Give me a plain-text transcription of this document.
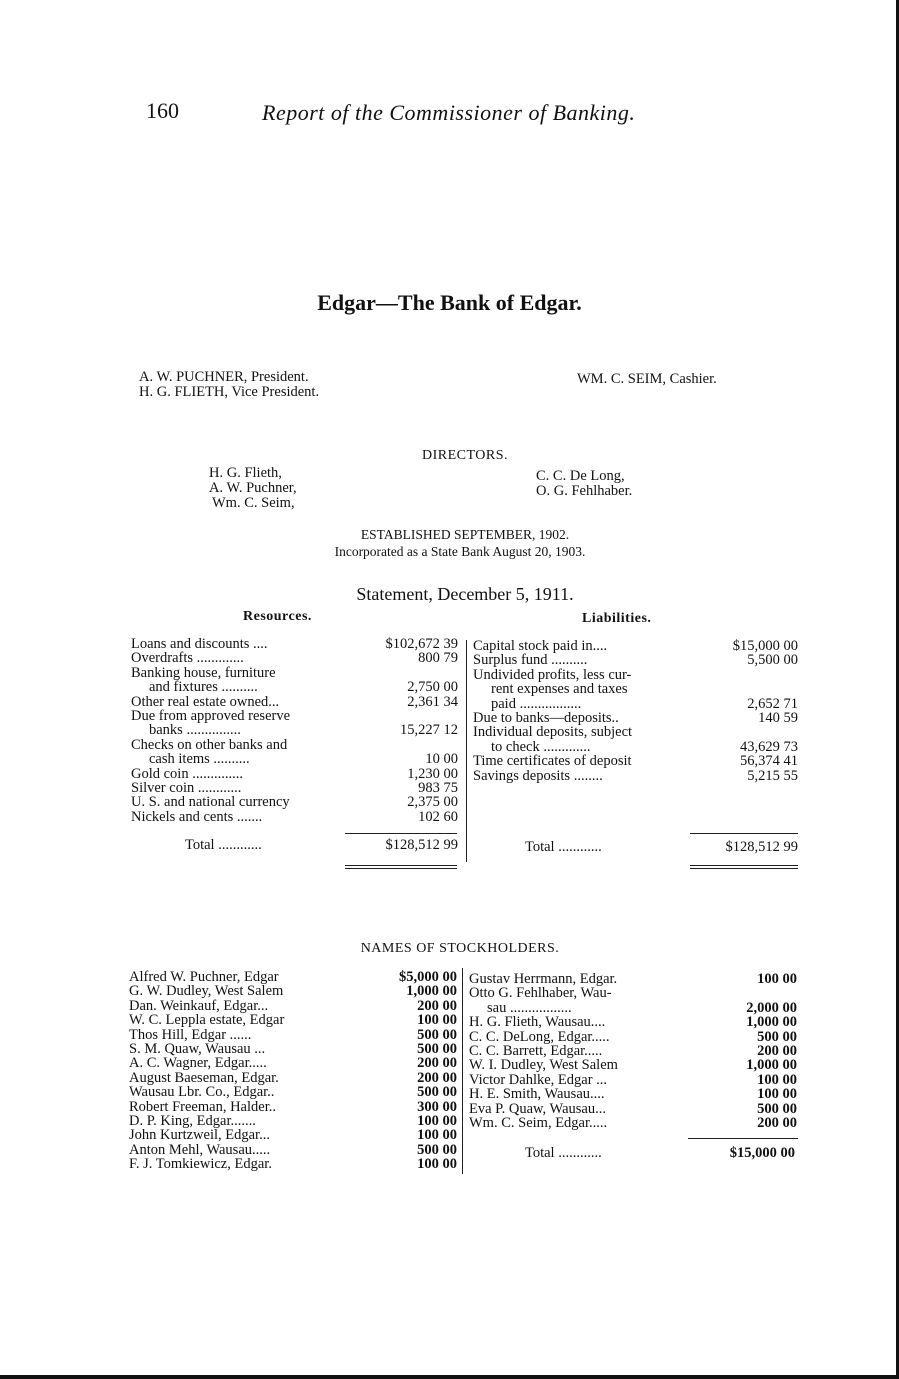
160	Report of the Commissioner of Banking.
Edgar—The Bank of Edgar.
A. W. PUCHNER, President.
H. G. FLIETH, Vice President.
WM. C. SEIM, Cashier.
DIRECTORS.
H. G. Flieth,
A. W. Puchner,
Wm. C. Seim,
C. C. De Long,
O. G. Fehlhaber.
ESTABLISHED SEPTEMBER, 1902.
Incorporated as a State Bank August 20, 1903.
Statement, December 5, 1911.
Resources.	Liabilities.
Loans and discounts ....	$102,672 39
Overdrafts .............	800 79
Banking house, furniture
and fixtures ..........	2,750 00
Other real estate owned...	2,361 34
Due from approved reserve
banks ...............	15,227 12
Checks on other banks and
cash items ..........	10 00
Gold coin ..............	1,230 00
Silver coin ............	983 75
U. S. and national currency	2,375 00
Nickels and cents .......	102 60
Capital stock paid in....	$15,000 00
Surplus fund ..........	5,500 00
Undivided profits, less cur-
rent expenses and taxes
paid .................	2,652 71
Due to banks—deposits..	140 59
Individual deposits, subject
to check .............	43,629 73
Time certificates of deposit	56,374 41
Savings deposits ........	5,215 55
Total ............	$128,512 99	Total ............	$128,512 99
NAMES OF STOCKHOLDERS.
Alfred W. Puchner, Edgar	$5,000 00
G. W. Dudley, West Salem	1,000 00
Dan. Weinkauf, Edgar...	200 00
W. C. Leppla estate, Edgar	100 00
Thos Hill, Edgar ......	500 00
S. M. Quaw, Wausau ...	500 00
A. C. Wagner, Edgar.....	200 00
August Baeseman, Edgar.	200 00
Wausau Lbr. Co., Edgar..	500 00
Robert Freeman, Halder..	300 00
D. P. King, Edgar.......	100 00
John Kurtzweil, Edgar...	100 00
Anton Mehl, Wausau.....	500 00
F. J. Tomkiewicz, Edgar.	100 00
Gustav Herrmann, Edgar.	100 00
Otto G. Fehlhaber, Wau-
sau .................	2,000 00
H. G. Flieth, Wausau....	1,000 00
C. C. DeLong, Edgar.....	500 00
C. C. Barrett, Edgar.....	200 00
W. I. Dudley, West Salem	1,000 00
Victor Dahlke, Edgar ...	100 00
H. E. Smith, Wausau....	100 00
Eva P. Quaw, Wausau...	500 00
Wm. C. Seim, Edgar.....	200 00
Total ............	$15,000 00
